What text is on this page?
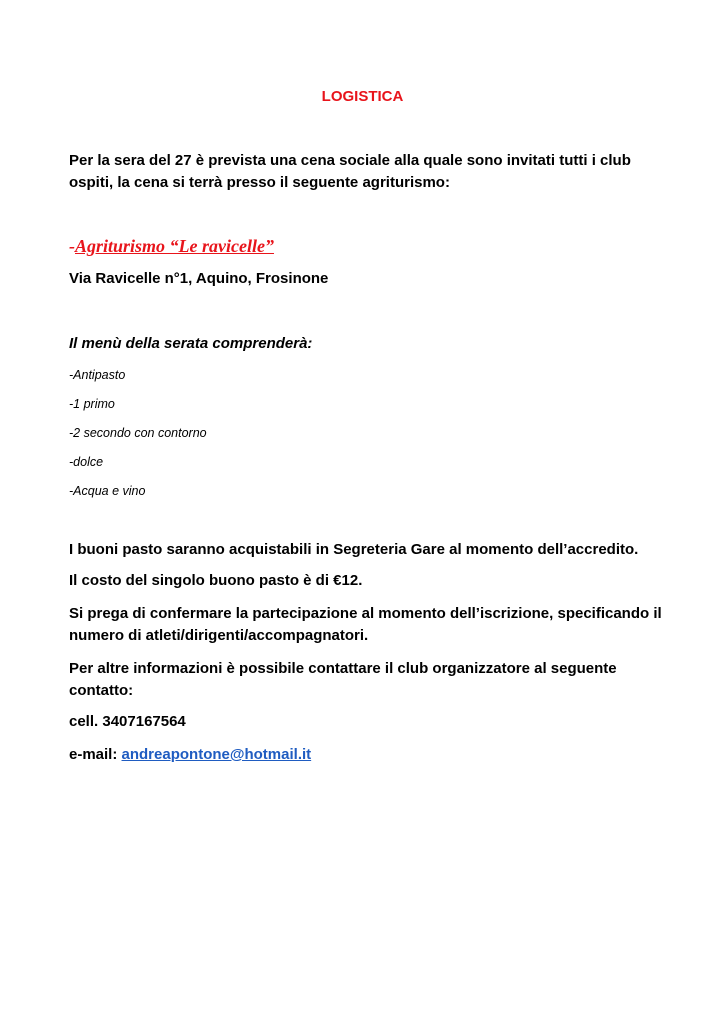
LOGISTICA
Per la sera del 27 è prevista una cena sociale alla quale sono invitati tutti i club ospiti, la cena si terrà presso il seguente agriturismo:
-Agriturismo “Le ravicelle”
Via Ravicelle n°1, Aquino, Frosinone
Il menù della serata comprenderà:
-Antipasto
-1 primo
-2 secondo con contorno
-dolce
-Acqua e vino
I buoni pasto saranno acquistabili in Segreteria Gare al momento dell’accredito.
Il costo del singolo buono pasto è di €12.
Si prega di confermare la partecipazione al momento dell’iscrizione, specificando il numero di atleti/dirigenti/accompagnatori.
Per altre informazioni è possibile contattare il club organizzatore al seguente contatto:
cell. 3407167564
e-mail: andreapontone@hotmail.it
